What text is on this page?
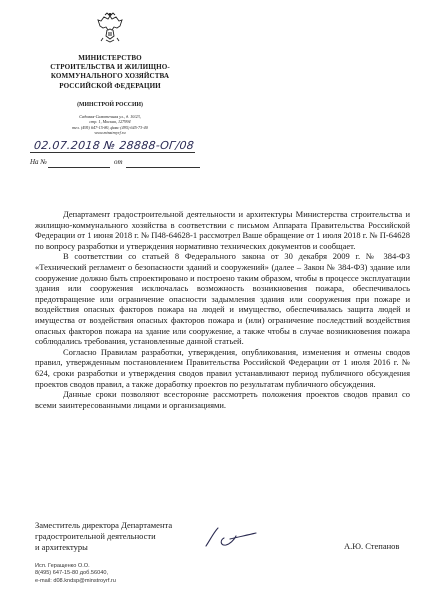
МИНИСТЕРСТВО
СТРОИТЕЛЬСТВА И ЖИЛИЩНО-
КОММУНАЛЬНОГО ХОЗЯЙСТВА
РОССИЙСКОЙ ФЕДЕРАЦИИ
(МИНСТРОЙ РОССИИ)
Садовая-Самотечная ул., д. 10/23,
стр. 1, Москва, 127994
тел. (495) 647-15-80, факс (495) 645-73-40
www.minstroyrf.ru
02.07.2018 № 28888-ОГ/08
На №	от

Департамент градостроительной деятельности и архитектуры Министерства строительства и жилищно-коммунального хозяйства в соответствии с письмом Аппарата Правительства Российской Федерации от 1 июня 2018 г. № П48-64628-1 рассмотрел Ваше обращение от 1 июля 2018 г. № П-64628 по вопросу разработки и утверждения нормативно технических документов и сообщает.

В соответствии со статьей 8 Федерального закона от 30 декабря 2009 г. № 384-ФЗ «Технический регламент о безопасности зданий и сооружений» (далее – Закон № 384-ФЗ) здание или сооружение должно быть спроектировано и построено таким образом, чтобы в процессе эксплуатации здания или сооружения исключалась возможность возникновения пожара, обеспечивалось предотвращение или ограничение опасности задымления здания или сооружения при пожаре и воздействия опасных факторов пожара на людей и имущество, обеспечивалась защита людей и имущества от воздействия опасных факторов пожара и (или) ограничение последствий воздействия опасных факторов пожара на здание или сооружение, а также чтобы в случае возникновения пожара соблюдались требования, установленные данной статьей.

Согласно Правилам разработки, утверждения, опубликования, изменения и отмены сводов правил, утвержденным постановлением Правительства Российской Федерации от 1 июля 2016 г. № 624, сроки разработки и утверждения сводов правил устанавливают период публичного обсуждения проектов сводов правил, а также доработку проектов по результатам публичного обсуждения.

Данные сроки позволяют всесторонне рассмотреть положения проектов сводов правил со всеми заинтересованными лицами и организациями.

Заместитель директора Департамента
градостроительной деятельности
и архитектуры	А.Ю. Степанов
Исп. Геращенко О.О.
8(495) 647-15-80 доб.56040,
e-mail: d08.kndsp@minstroyrf.ru
